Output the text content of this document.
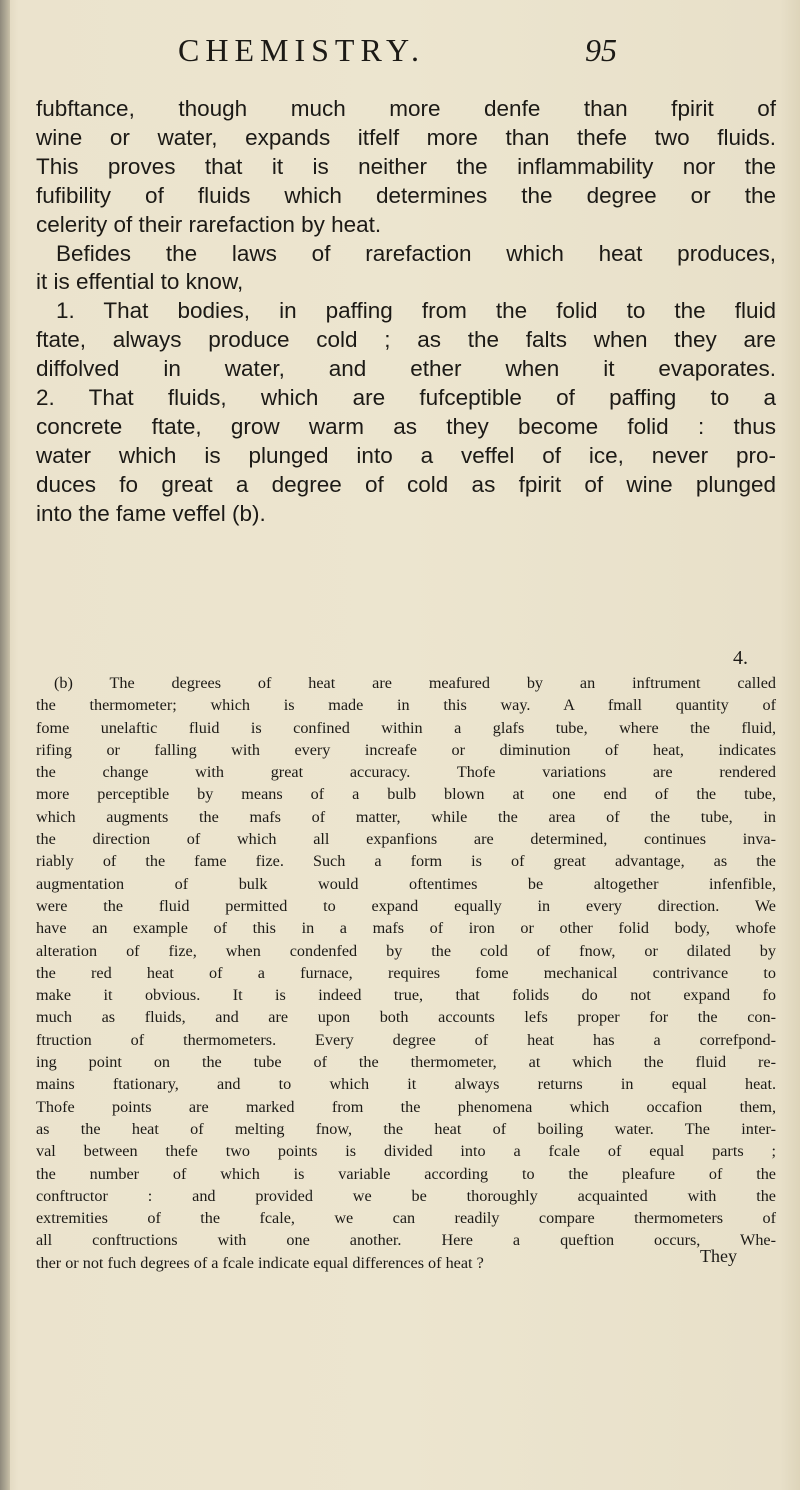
CHEMISTRY.	95
fubftance, though much more denfe than fpirit of
wine or water, expands itfelf more than thefe two fluids.
This proves that it is neither the inflammability nor the
fufibility of fluids which determines the degree or the
celerity of their rarefaction by heat.
Befides the laws of rarefaction which heat produces,
it is effential to know,
1. That bodies, in paffing from the folid to the fluid
ftate, always produce cold ; as the falts when they are
diffolved in water, and ether when it evaporates.
2. That fluids, which are fufceptible of paffing to a
concrete ftate, grow warm as they become folid : thus
water which is plunged into a veffel of ice, never pro-
duces fo great a degree of cold as fpirit of wine plunged
into the fame veffel (b).
4.
(b) The degrees of heat are meafured by an inftrument called
the thermometer; which is made in this way. A fmall quantity of
fome unelaftic fluid is confined within a glafs tube, where the fluid,
rifing or falling with every increafe or diminution of heat, indicates
the change with great accuracy. Thofe variations are rendered
more perceptible by means of a bulb blown at one end of the tube,
which augments the mafs of matter, while the area of the tube, in
the direction of which all expanfions are determined, continues inva-
riably of the fame fize. Such a form is of great advantage, as the
augmentation of bulk would oftentimes be altogether infenfible,
were the fluid permitted to expand equally in every direction. We
have an example of this in a mafs of iron or other folid body, whofe
alteration of fize, when condenfed by the cold of fnow, or dilated by
the red heat of a furnace, requires fome mechanical contrivance to
make it obvious. It is indeed true, that folids do not expand fo
much as fluids, and are upon both accounts lefs proper for the con-
ftruction of thermometers. Every degree of heat has a correfpond-
ing point on the tube of the thermometer, at which the fluid re-
mains ftationary, and to which it always returns in equal heat.
Thofe points are marked from the phenomena which occafion them,
as the heat of melting fnow, the heat of boiling water. The inter-
val between thefe two points is divided into a fcale of equal parts ;
the number of which is variable according to the pleafure of the
conftructor : and provided we be thoroughly acquainted with the
extremities of the fcale, we can readily compare thermometers of
all conftructions with one another. Here a queftion occurs, Whe-
ther or not fuch degrees of a fcale indicate equal differences of heat ?	They
